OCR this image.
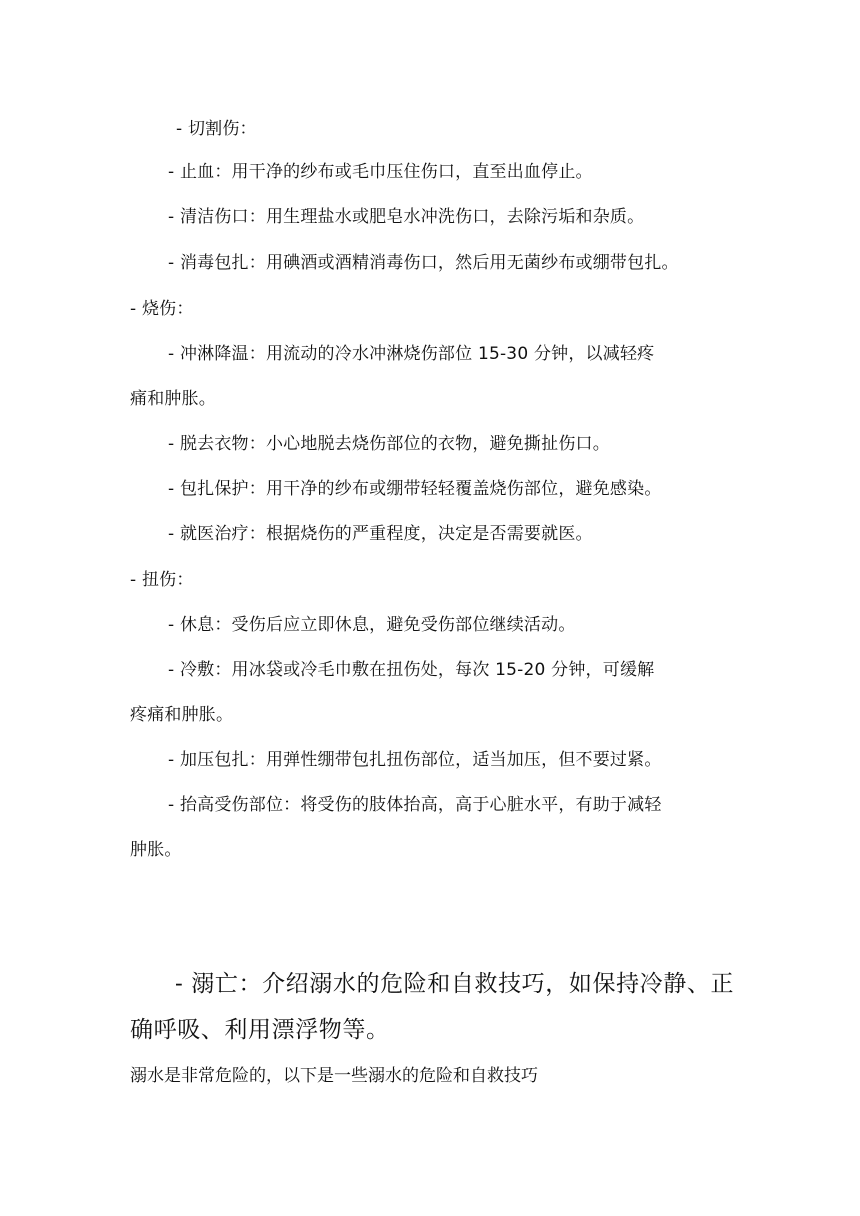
- 切割伤：
- 止血：用干净的纱布或毛巾压住伤口，直至出血停止。
- 清洁伤口：用生理盐水或肥皂水冲洗伤口，去除污垢和杂质。
- 消毒包扎：用碘酒或酒精消毒伤口，然后用无菌纱布或绷带包扎。
- 烧伤：
- 冲淋降温：用流动的冷水冲淋烧伤部位 15-30 分钟，以减轻疼
痛和肿胀。
- 脱去衣物：小心地脱去烧伤部位的衣物，避免撕扯伤口。
- 包扎保护：用干净的纱布或绷带轻轻覆盖烧伤部位，避免感染。
- 就医治疗：根据烧伤的严重程度，决定是否需要就医。
- 扭伤：
- 休息：受伤后应立即休息，避免受伤部位继续活动。
- 冷敷：用冰袋或冷毛巾敷在扭伤处，每次 15-20 分钟，可缓解
疼痛和肿胀。
- 加压包扎：用弹性绷带包扎扭伤部位，适当加压，但不要过紧。
- 抬高受伤部位：将受伤的肢体抬高，高于心脏水平，有助于减轻
肿胀。
- 溺亡：介绍溺水的危险和自救技巧，如保持冷静、正
确呼吸、利用漂浮物等。
溺水是非常危险的，以下是一些溺水的危险和自救技巧
